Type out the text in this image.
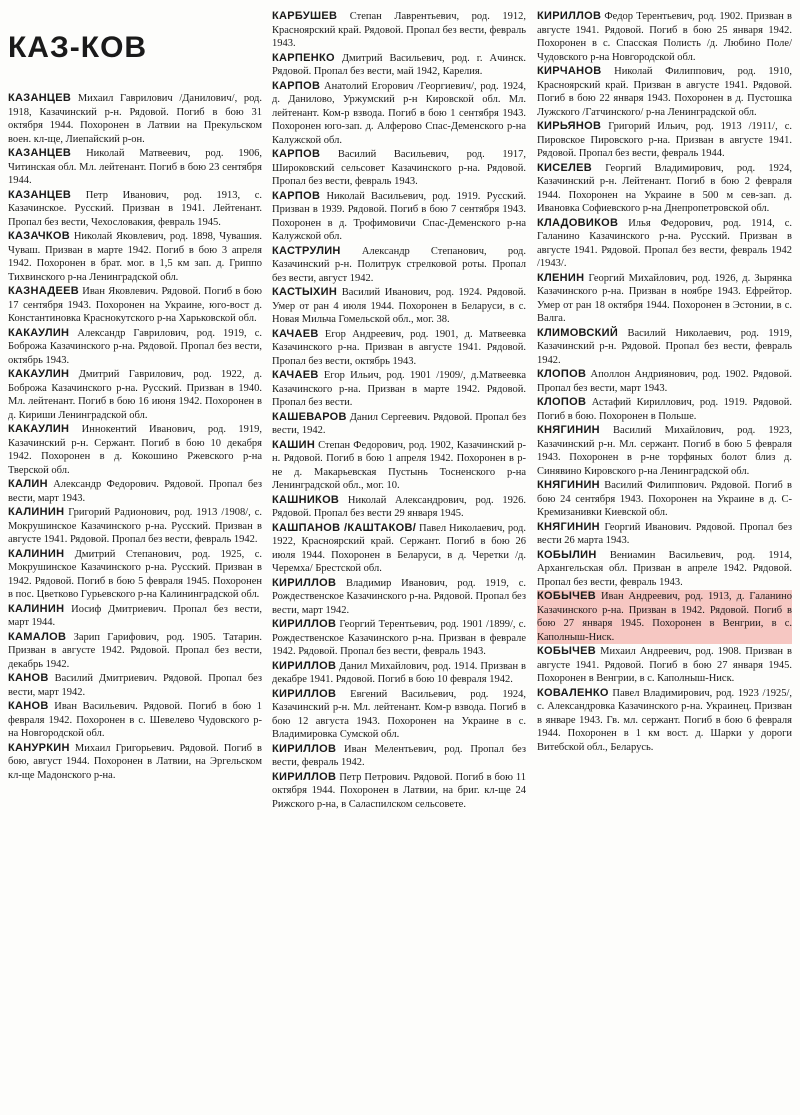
КАЗ-КОВ

КАЗАНЦЕВ Михаил Гаврилович /Данилович/, род. 1918, Казачинский р-н. Рядовой. Погиб в бою 31 октября 1944. Похоронен в Латвии на Прекульском воен. кл-ще, Лиепайский р-он.

КАЗАНЦЕВ Николай Матвеевич, род. 1906, Читинская обл. Мл. лейтенант. Погиб в бою 23 сентября 1944.

КАЗАНЦЕВ Петр Иванович, род. 1913, с. Казачинское. Русский. Призван в 1941. Лейтенант. Пропал без вести, Чехословакия, февраль 1945.

КАЗАЧКОВ Николай Яковлевич, род. 1898, Чувашия. Чуваш. Призван в марте 1942. Погиб в бою 3 апреля 1942. Похоронен в брат. мог. в 1,5 км зап. д. Гриппо Тихвинского р-на Ленинградской обл.

КАЗНАДЕЕВ Иван Яковлевич. Рядовой. Погиб в бою 17 сентября 1943. Похоронен на Украине, юго-вост д. Константиновка Краснокутского р-на Харьковской обл.

КАКАУЛИН Александр Гаврилович, род. 1919, с. Боброжа Казачинского р-на. Рядовой. Пропал без вести, октябрь 1943.

КАКАУЛИН Дмитрий Гаврилович, род. 1922, д. Боброжа Казачинского р-на. Русский. Призван в 1940. Мл. лейтенант. Погиб в бою 16 июня 1942. Похоронен в д. Кириши Ленинградской обл.

КАКАУЛИН Иннокентий Иванович, род. 1919, Казачинский р-н. Сержант. Погиб в бою 10 декабря 1942. Похоронен в д. Кокошино Ржевского р-на Тверской обл.

КАЛИН Александр Федорович. Рядовой. Пропал без вести, март 1943.

КАЛИНИН Григорий Радионович, род. 1913 /1908/, с. Мокрушинское Казачинского р-на. Русский. Призван в августе 1941. Рядовой. Пропал без вести, февраль 1942.

КАЛИНИН Дмитрий Степанович, род. 1925, с. Мокрушинское Казачинского р-на. Русский. Призван в 1942. Рядовой. Погиб в бою 5 февраля 1945. Похоронен в пос. Цветково Гурьевского р-на Калининградской обл.

КАЛИНИН Иосиф Дмитриевич. Пропал без вести, март 1944.

КАМАЛОВ Зарип Гарифович, род. 1905. Татарин. Призван в августе 1942. Рядовой. Пропал без вести, декабрь 1942.

КАНОВ Василий Дмитриевич. Рядовой. Пропал без вести, март 1942.

КАНОВ Иван Васильевич. Рядовой. Погиб в бою 1 февраля 1942. Похоронен в с. Шевелево Чудовского р-на Новгородской обл.

КАНУРКИН Михаил Григорьевич. Рядовой. Погиб в бою, август 1944. Похоронен в Латвии, на Эргельском кл-ще Мадонского р-на.

КАРБУШЕВ Степан Лаврентьевич, род. 1912, Красноярский край. Рядовой. Пропал без вести, февраль 1943.

КАРПЕНКО Дмитрий Васильевич, род. г. Ачинск. Рядовой. Пропал без вести, май 1942, Карелия.

КАРПОВ Анатолий Егорович /Георгиевич/, род. 1924, д. Данилово, Уржумский р-н Кировской обл. Мл. лейтенант. Ком-р взвода. Погиб в бою 1 сентября 1943. Похоронен юго-зап. д. Алферово Спас-Деменского р-на Калужской обл.

КАРПОВ Василий Васильевич, род. 1917, Широковский сельсовет Казачинского р-на. Рядовой. Пропал без вести, февраль 1943.

КАРПОВ Николай Васильевич, род. 1919. Русский. Призван в 1939. Рядовой. Погиб в бою 7 сентября 1943. Похоронен в д. Трофимовичи Спас-Деменского р-на Калужской обл.

КАСТРУЛИН Александр Степанович, род. Казачинский р-н. Политрук стрелковой роты. Пропал без вести, август 1942.

КАСТЫХИН Василий Иванович, род. 1924. Рядовой. Умер от ран 4 июля 1944. Похоронен в Беларуси, в с. Новая Мильча Гомельской обл., мог. 38.

КАЧАЕВ Егор Андреевич, род. 1901, д. Матвеевка Казачинского р-на. Призван в августе 1941. Рядовой. Пропал без вести, октябрь 1943.

КАЧАЕВ Егор Ильич, род. 1901 /1909/, д.Матвеевка Казачинского р-на. Призван в марте 1942. Рядовой. Пропал без вести.

КАШЕВАРОВ Данил Сергеевич. Рядовой. Пропал без вести, 1942.

КАШИН Степан Федорович, род. 1902, Казачинский р-н. Рядовой. Погиб в бою 1 апреля 1942. Похоронен в р-не д. Макарьевская Пустынь Тосненского р-на Ленинградской обл., мог. 10.

КАШНИКОВ Николай Александрович, род. 1926. Рядовой. Пропал без вести 29 января 1945.

КАШПАНОВ /КАШТАКОВ/ Павел Николаевич, род. 1922, Красноярский край. Сержант. Погиб в бою 26 июля 1944. Похоронен в Беларуси, в д. Черетки /д. Черемха/ Брестской обл.

КИРИЛЛОВ Владимир Иванович, род. 1919, с. Рождественское Казачинского р-на. Рядовой. Пропал без вести, март 1942.

КИРИЛЛОВ Георгий Терентьевич, род. 1901 /1899/, с. Рождественское Казачинского р-на. Призван в феврале 1942. Рядовой. Пропал без вести, февраль 1943.

КИРИЛЛОВ Данил Михайлович, род. 1914. Призван в декабре 1941. Рядовой. Погиб в бою 10 февраля 1942.

КИРИЛЛОВ Евгений Васильевич, род. 1924, Казачинский р-н. Мл. лейтенант. Ком-р взвода. Погиб в бою 12 августа 1943. Похоронен на Украине в с. Владимировка Сумской обл.

КИРИЛЛОВ Иван Мелентьевич, род. Пропал без вести, февраль 1942.

КИРИЛЛОВ Петр Петрович. Рядовой. Погиб в бою 11 октября 1944. Похоронен в Латвии, на бриг. кл-ще 24 Рижского р-на, в Саласпилском сельсовете.

КИРИЛЛОВ Федор Терентьевич, род. 1902. Призван в августе 1941. Рядовой. Погиб в бою 25 января 1942. Похоронен в с. Спасская Полисть /д. Любино Поле/ Чудовского р-на Новгородской обл.

КИРЧАНОВ Николай Филиппович, род. 1910, Красноярский край. Призван в августе 1941. Рядовой. Погиб в бою 22 января 1943. Похоронен в д. Пустошка Лужского /Гатчинского/ р-на Ленинградской обл.

КИРЬЯНОВ Григорий Ильич, род. 1913 /1911/, с. Пировское Пировского р-на. Призван в августе 1941. Рядовой. Пропал без вести, февраль 1944.

КИСЕЛЕВ Георгий Владимирович, род. 1924, Казачинский р-н. Лейтенант. Погиб в бою 2 февраля 1944. Похоронен на Украине в 500 м сев-зап. д. Ивановка Софиевского р-на Днепропетровской обл.

КЛАДОВИКОВ Илья Федорович, род. 1914, с. Галанино Казачинского р-на. Русский. Призван в августе 1941. Рядовой. Пропал без вести, февраль 1942 /1943/.

КЛЕНИН Георгий Михайлович, род. 1926, д. Зырянка Казачинского р-на. Призван в ноябре 1943. Ефрейтор. Умер от ран 18 октября 1944. Похоронен в Эстонии, в с. Валга.

КЛИМОВСКИЙ Василий Николаевич, род. 1919, Казачинский р-н. Рядовой. Пропал без вести, февраль 1942.

КЛОПОВ Аполлон Андриянович, род. 1902. Рядовой. Пропал без вести, март 1943.

КЛОПОВ Астафий Кириллович, род. 1919. Рядовой. Погиб в бою. Похоронен в Польше.

КНЯГИНИН Василий Михайлович, род. 1923, Казачинский р-н. Мл. сержант. Погиб в бою 5 февраля 1943. Похоронен в р-не торфяных болот близ д. Синявино Кировского р-на Ленинградской обл.

КНЯГИНИН Василий Филиппович. Рядовой. Погиб в бою 24 сентября 1943. Похоронен на Украине в д. С-Кремизанивки Киевской обл.

КНЯГИНИН Георгий Иванович. Рядовой. Пропал без вести 26 марта 1943.

КОБЫЛИН Вениамин Васильевич, род. 1914, Архангельская обл. Призван в апреле 1942. Рядовой. Пропал без вести, февраль 1943.

КОБЫЧЕВ Иван Андреевич, род. 1913, д. Галанино Казачинского р-на. Призван в 1942. Рядовой. Погиб в бою 27 января 1945. Похоронен в Венгрии, в с. Каполныш-Ниск.

КОБЫЧЕВ Михаил Андреевич, род. 1908. Призван в августе 1941. Рядовой. Погиб в бою 27 января 1945. Похоронен в Венгрии, в с. Каполныш-Ниск.

КОВАЛЕНКО Павел Владимирович, род. 1923 /1925/, с. Александровка Казачинского р-на. Украинец. Призван в январе 1943. Гв. мл. сержант. Погиб в бою 6 февраля 1944. Похоронен в 1 км вост. д. Шарки у дороги Витебской обл., Беларусь.
